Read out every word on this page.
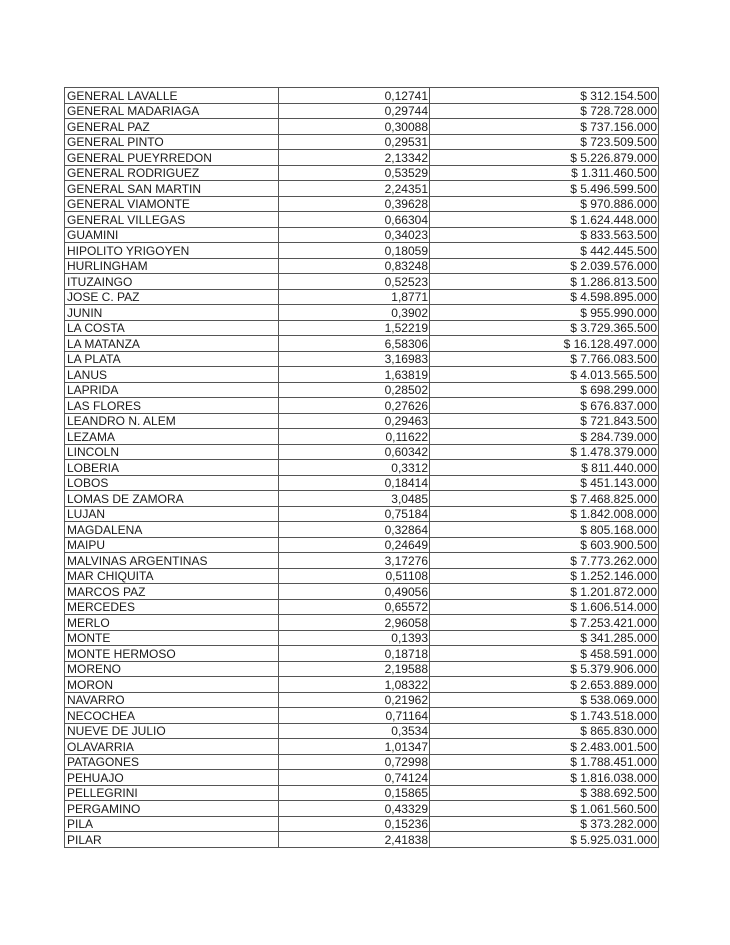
GENERAL LAVALLE	0,12741	$ 312.154.500
GENERAL MADARIAGA	0,29744	$ 728.728.000
GENERAL PAZ	0,30088	$ 737.156.000
GENERAL PINTO	0,29531	$ 723.509.500
GENERAL PUEYRREDON	2,13342	$ 5.226.879.000
GENERAL RODRIGUEZ	0,53529	$ 1.311.460.500
GENERAL SAN MARTIN	2,24351	$ 5.496.599.500
GENERAL VIAMONTE	0,39628	$ 970.886.000
GENERAL VILLEGAS	0,66304	$ 1.624.448.000
GUAMINI	0,34023	$ 833.563.500
HIPOLITO YRIGOYEN	0,18059	$ 442.445.500
HURLINGHAM	0,83248	$ 2.039.576.000
ITUZAINGO	0,52523	$ 1.286.813.500
JOSE C. PAZ	1,8771	$ 4.598.895.000
JUNIN	0,3902	$ 955.990.000
LA COSTA	1,52219	$ 3.729.365.500
LA MATANZA	6,58306	$ 16.128.497.000
LA PLATA	3,16983	$ 7.766.083.500
LANUS	1,63819	$ 4.013.565.500
LAPRIDA	0,28502	$ 698.299.000
LAS FLORES	0,27626	$ 676.837.000
LEANDRO N. ALEM	0,29463	$ 721.843.500
LEZAMA	0,11622	$ 284.739.000
LINCOLN	0,60342	$ 1.478.379.000
LOBERIA	0,3312	$ 811.440.000
LOBOS	0,18414	$ 451.143.000
LOMAS DE ZAMORA	3,0485	$ 7.468.825.000
LUJAN	0,75184	$ 1.842.008.000
MAGDALENA	0,32864	$ 805.168.000
MAIPU	0,24649	$ 603.900.500
MALVINAS ARGENTINAS	3,17276	$ 7.773.262.000
MAR CHIQUITA	0,51108	$ 1.252.146.000
MARCOS PAZ	0,49056	$ 1.201.872.000
MERCEDES	0,65572	$ 1.606.514.000
MERLO	2,96058	$ 7.253.421.000
MONTE	0,1393	$ 341.285.000
MONTE HERMOSO	0,18718	$ 458.591.000
MORENO	2,19588	$ 5.379.906.000
MORON	1,08322	$ 2.653.889.000
NAVARRO	0,21962	$ 538.069.000
NECOCHEA	0,71164	$ 1.743.518.000
NUEVE DE JULIO	0,3534	$ 865.830.000
OLAVARRIA	1,01347	$ 2.483.001.500
PATAGONES	0,72998	$ 1.788.451.000
PEHUAJO	0,74124	$ 1.816.038.000
PELLEGRINI	0,15865	$ 388.692.500
PERGAMINO	0,43329	$ 1.061.560.500
PILA	0,15236	$ 373.282.000
PILAR	2,41838	$ 5.925.031.000
